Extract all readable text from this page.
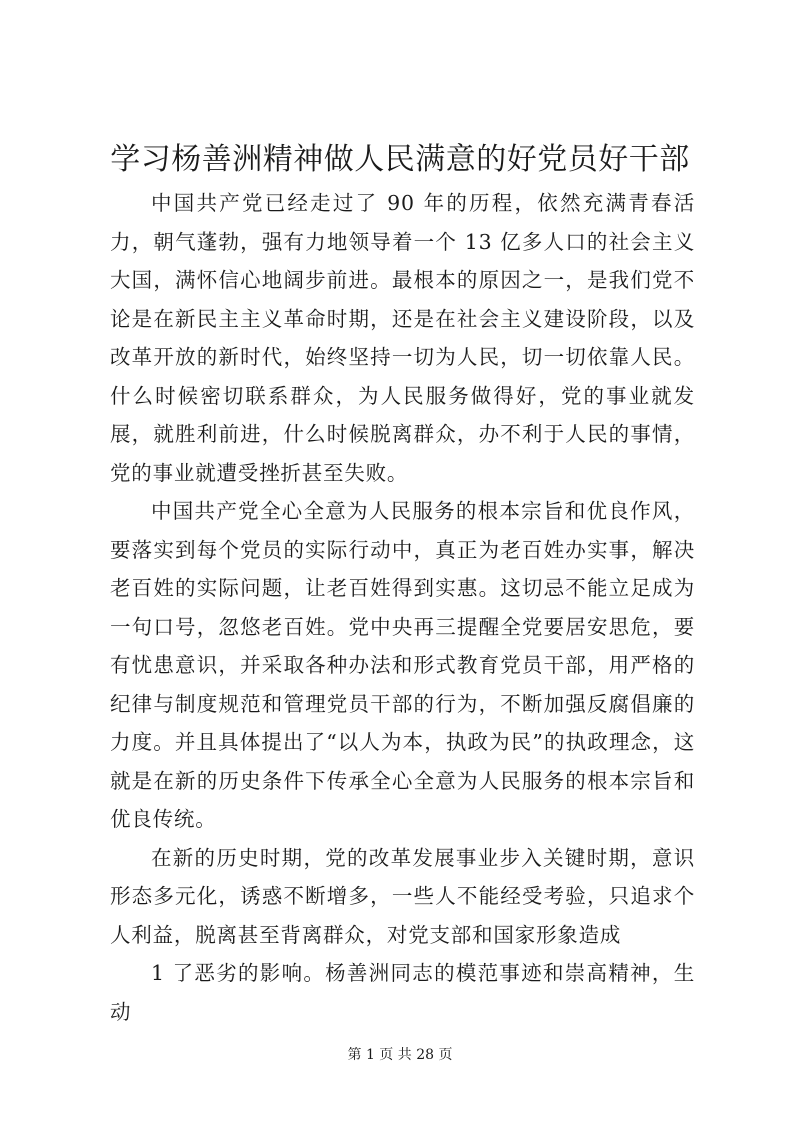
学习杨善洲精神做人民满意的好党员好干部

中国共产党已经走过了 90 年的历程，依然充满青春活力，朝气蓬勃，强有力地领导着一个 13 亿多人口的社会主义大国，满怀信心地阔步前进。最根本的原因之一，是我们党不论是在新民主主义革命时期，还是在社会主义建设阶段，以及改革开放的新时代，始终坚持一切为人民，切一切依靠人民。什么时候密切联系群众，为人民服务做得好，党的事业就发展，就胜利前进，什么时候脱离群众，办不利于人民的事情，党的事业就遭受挫折甚至失败。

中国共产党全心全意为人民服务的根本宗旨和优良作风，要落实到每个党员的实际行动中，真正为老百姓办实事，解决老百姓的实际问题，让老百姓得到实惠。这切忌不能立足成为一句口号，忽悠老百姓。党中央再三提醒全党要居安思危，要有忧患意识，并采取各种办法和形式教育党员干部，用严格的纪律与制度规范和管理党员干部的行为，不断加强反腐倡廉的力度。并且具体提出了“以人为本，执政为民”的执政理念，这就是在新的历史条件下传承全心全意为人民服务的根本宗旨和优良传统。

在新的历史时期，党的改革发展事业步入关键时期，意识形态多元化，诱惑不断增多，一些人不能经受考验，只追求个人利益，脱离甚至背离群众，对党支部和国家形象造成

1 了恶劣的影响。杨善洲同志的模范事迹和崇高精神，生动

第 1 页 共 28 页
